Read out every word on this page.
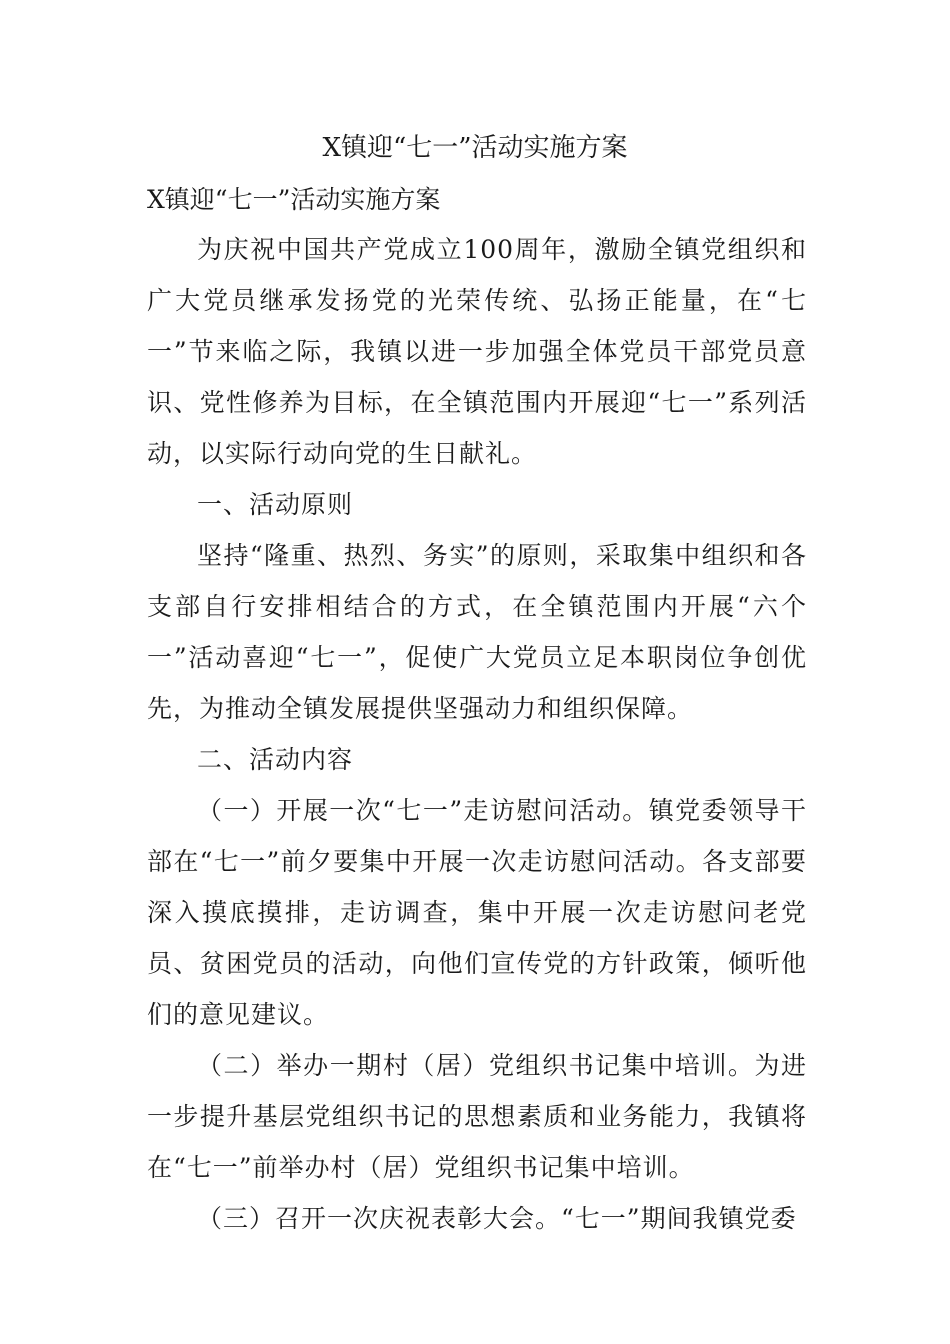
X镇迎“七一”活动实施方案
X镇迎“七一”活动实施方案

为庆祝中国共产党成立100周年，激励全镇党组织和广大党员继承发扬党的光荣传统、弘扬正能量，在“七一”节来临之际，我镇以进一步加强全体党员干部党员意识、党性修养为目标，在全镇范围内开展迎“七一”系列活动，以实际行动向党的生日献礼。

一、活动原则

坚持“隆重、热烈、务实”的原则，采取集中组织和各支部自行安排相结合的方式，在全镇范围内开展“六个一”活动喜迎“七一”，促使广大党员立足本职岗位争创优先，为推动全镇发展提供坚强动力和组织保障。

二、活动内容

（一）开展一次“七一”走访慰问活动。镇党委领导干部在“七一”前夕要集中开展一次走访慰问活动。各支部要深入摸底摸排，走访调查，集中开展一次走访慰问老党员、贫困党员的活动，向他们宣传党的方针政策，倾听他们的意见建议。

（二）举办一期村（居）党组织书记集中培训。为进一步提升基层党组织书记的思想素质和业务能力，我镇将在“七一”前举办村（居）党组织书记集中培训。

（三）召开一次庆祝表彰大会。“七一”期间我镇党委
